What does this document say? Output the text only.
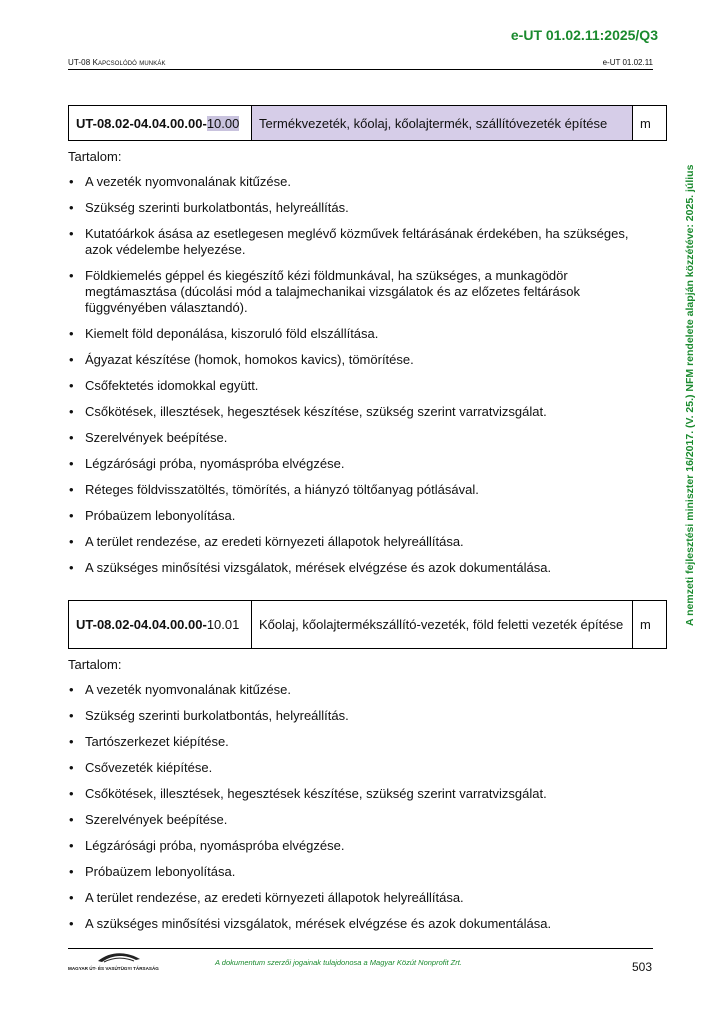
e-UT 01.02.11:2025/Q3
UT-08 Kapcsolódó munkák	e-UT 01.02.11
A nemzeti fejlesztési miniszter 16/2017. (V. 25.) NFM rendelete alapján közzétéve: 2025. július
UT-08.02-04.04.00.00-10.00	Termékvezeték, kőolaj, kőolajtermék, szállítóvezeték építése	m
Tartalom:
• A vezeték nyomvonalának kitűzése.
• Szükség szerinti burkolatbontás, helyreállítás.
• Kutatóárkok ásása az esetlegesen meglévő közművek feltárásának érdekében, ha szükséges, azok védelembe helyezése.
• Földkiemelés géppel és kiegészítő kézi földmunkával, ha szükséges, a munkagödör megtámasztása (dúcolási mód a talajmechanikai vizsgálatok és az előzetes feltárások függvényében választandó).
• Kiemelt föld deponálása, kiszoruló föld elszállítása.
• Ágyazat készítése (homok, homokos kavics), tömörítése.
• Csőfektetés idomokkal együtt.
• Csőkötések, illesztések, hegesztések készítése, szükség szerint varratvizsgálat.
• Szerelvények beépítése.
• Légzárósági próba, nyomáspróba elvégzése.
• Réteges földvisszatöltés, tömörítés, a hiányzó töltőanyag pótlásával.
• Próbaüzem lebonyolítása.
• A terület rendezése, az eredeti környezeti állapotok helyreállítása.
• A szükséges minősítési vizsgálatok, mérések elvégzése és azok dokumentálása.
UT-08.02-04.04.00.00-10.01	Kőolaj, kőolajtermékszállító-vezeték, föld feletti vezeték építése	m
Tartalom:
• A vezeték nyomvonalának kitűzése.
• Szükség szerinti burkolatbontás, helyreállítás.
• Tartószerkezet kiépítése.
• Csővezeték kiépítése.
• Csőkötések, illesztések, hegesztések készítése, szükség szerint varratvizsgálat.
• Szerelvények beépítése.
• Légzárósági próba, nyomáspróba elvégzése.
• Próbaüzem lebonyolítása.
• A terület rendezése, az eredeti környezeti állapotok helyreállítása.
• A szükséges minősítési vizsgálatok, mérések elvégzése és azok dokumentálása.
MAGYAR ÚT- ÉS VASÚTÜGYI TÁRSASÁG
A dokumentum szerzői jogainak tulajdonosa a Magyar Közút Nonprofit Zrt.	503
